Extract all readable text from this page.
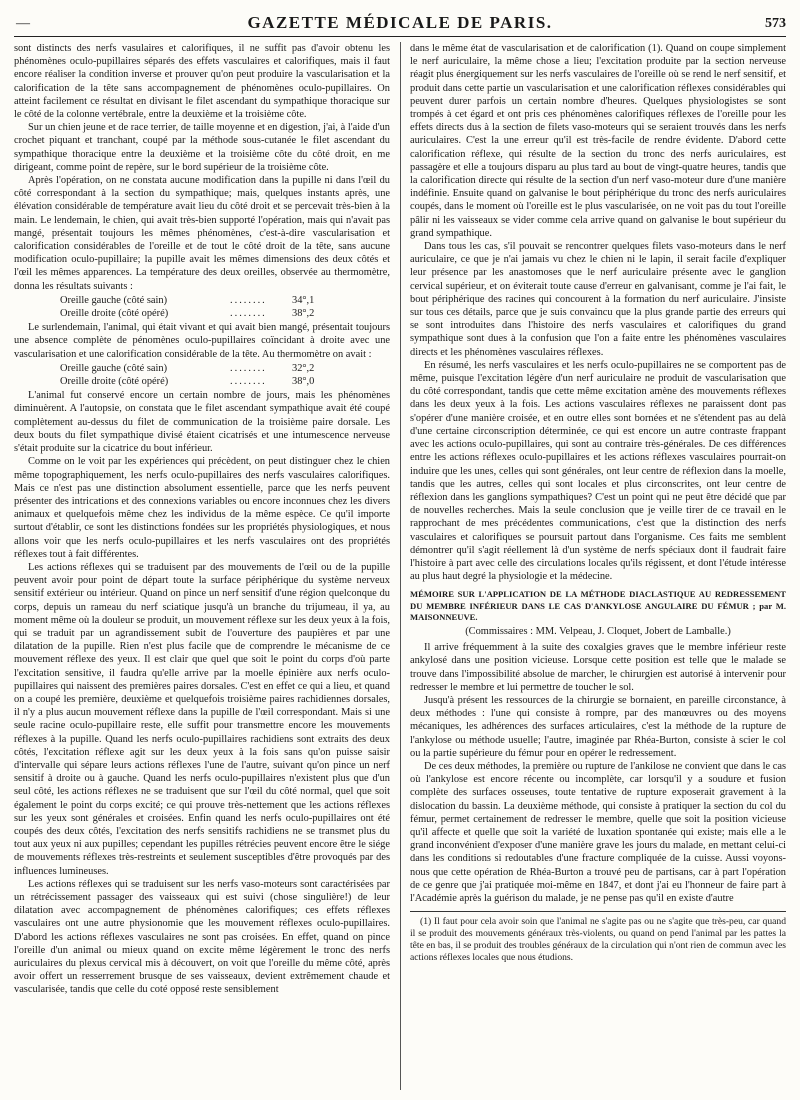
—	GAZETTE MÉDICALE DE PARIS.	573

sont distincts des nerfs vasulaires et calorifiques, il ne suffit pas d'avoir obtenu les phénomènes oculo-pupillaires séparés des effets vasculaires et calorifiques, mais il faut encore réaliser la condition inverse et prouver qu'on peut produire la vascularisation et la calorification de la tête sans accompagnement de phénomènes oculo-pupillaires. On atteint facilement ce résultat en divisant le filet ascendant du sympathique thoracique sur le côté de la colonne vertébrale, entre la deuxième et la troisième côte.

Sur un chien jeune et de race terrier, de taille moyenne et en digestion, j'ai, à l'aide d'un crochet piquant et tranchant, coupé par la méthode sous-cutanée le filet ascendant du sympathique thoracique entre la deuxième et la troisième côte du côté droit, en me dirigeant, comme point de repère, sur le bord supérieur de la troisième côte.

Après l'opération, on ne constata aucune modification dans la pupille ni dans l'œil du côté correspondant à la section du sympathique; mais, quelques instants après, une élévation considérable de température avait lieu du côté droit et se percevait très-bien à la main. Le lendemain, le chien, qui avait très-bien supporté l'opération, mais qui n'avait pas mangé, présentait toujours les mêmes phénomènes, c'est-à-dire vascularisation et calorification considérables de l'oreille et de tout le côté droit de la tête, sans aucune modification oculo-pupillaire; la pupille avait les mêmes dimensions des deux côtés et l'œil les mêmes apparences. La température des deux oreilles, observée au thermomètre, donna les résultats suivants :

Oreille gauche (côté sain)	........	34°,1
Oreille droite (côté opéré)	........	38°,2

Le surlendemain, l'animal, qui était vivant et qui avait bien mangé, présentait toujours une absence complète de pénomènes oculo-pupillaires coïncidant à droite avec une vascularisation et une calorification considérable de la tête. Au thermomètre on avait :

Oreille gauche (côté sain)	........	32°,2
Oreille droite (côté opéré)	........	38°,0

L'animal fut conservé encore un certain nombre de jours, mais les phénomènes diminuèrent. A l'autopsie, on constata que le filet ascendant sympathique avait été coupé complètement au-dessus du filet de communication de la troisième paire dorsale. Les deux bouts du filet sympathique divisé étaient cicatrisés et une intumescence nerveuse s'était produite sur la cicatrice du bout inférieur.

Comme on le voit par les expériences qui précèdent, on peut distinguer chez le chien même topographiquement, les nerfs oculo-pupillaires des nerfs vasculaires calorifiques. Mais ce n'est pas une distinction absolument essentielle, parce que les nerfs peuvent présenter des intrications et des connexions variables ou encore inconnues chez les divers animaux et quelquefois même chez les individus de la même espèce. Ce qu'il importe surtout d'établir, ce sont les distinctions fondées sur les propriétés physiologiques, et nous allons voir que les nerfs oculo-pupillaires et les nerfs vasculaires ont des propriétés réflexes tout à fait différentes.

Les actions réflexes qui se traduisent par des mouvements de l'œil ou de la pupille peuvent avoir pour point de départ toute la surface périphérique du système nerveux sensitif extérieur ou intérieur. Quand on pince un nerf sensitif d'une région quelconque du corps, depuis un rameau du nerf sciatique jusqu'à un branche du trijumeau, il ya, au moment même où la douleur se produit, un mouvement réflexe sur les deux yeux à la fois, qui se traduit par un agrandissement subit de l'ouverture des paupières et par une dilatation de la pupille. Rien n'est plus facile que de comprendre le mécanisme de ce mouvement réflexe des yeux. Il est clair que quel que soit le point du corps d'où parte l'excitation sensitive, il faudra qu'elle arrive par la moelle épinière aux nerfs oculo-pupillaires qui naissent des premières paires dorsales. C'est en effet ce qui a lieu, et quand on a coupé les première, deuxième et quelquefois troisième paires rachidiennes dorsales, il n'y a plus aucun mouvement réflexe dans la pupille de l'œil correspondant. Mais si une seule racine oculo-pupillaire reste, elle suffit pour transmettre encore les mouvements réflexes à la pupille. Quand les nerfs oculo-pupillaires rachidiens sont extraits des deux côtés, l'excitation réflexe agit sur les deux yeux à la fois sans qu'on puisse saisir d'intervalle qui sépare leurs actions réflexes l'une de l'autre, suivant qu'on pince un nerf sensitif à droite ou à gauche. Quand les nerfs oculo-pupillaires n'existent plus que d'un seul côté, les actions réflexes ne se traduisent que sur l'œil du côté normal, quel que soit également le point du corps excité; ce qui prouve très-nettement que les actions réflexes sur les yeux sont générales et croisées. Enfin quand les nerfs oculo-pupillaires ont été coupés des deux côtés, l'excitation des nerfs sensitifs rachidiens ne se transmet plus du tout aux yeux ni aux pupilles; cependant les pupilles rétrécies peuvent encore être le siége de mouvements réflexes très-restreints et seulement susceptibles d'être provoqués par des influences lumineuses.

Les actions réflexes qui se traduisent sur les nerfs vaso-moteurs sont caractérisées par un rétrécissement passager des vaisseaux qui est suivi (chose singulière!) de leur dilatation avec accompagnement de phénomènes calorifiques; ces effets réflexes vasculaires ont une autre physionomie que les mouvement réflexes oculo-pupillaires. D'abord les actions réflexes vasculaires ne sont pas croisées. En effet, quand on pince l'oreille d'un animal ou mieux quand on excite même légèrement le tronc des nerfs auriculaires du plexus cervical mis à découvert, on voit que l'oreille du même côté, après avoir offert un resserrement brusque de ses vaisseaux, devient extrêmement chaude et vascularisée, tandis que celle du coté opposé reste sensiblement

dans le même état de vascularisation et de calorification (1). Quand on coupe simplement le nerf auriculaire, la même chose a lieu; l'excitation produite par la section nerveuse réagit plus énergiquement sur les nerfs vasculaires de l'oreille où se rend le nerf sensitif, et produit dans cette partie un vascularisation et une calorification réflexes considérables qui peuvent durer parfois un certain nombre d'heures. Quelques physiologistes se sont trompés à cet égard et ont pris ces phénomènes calorifiques réflexes de l'oreille pour les effets directs dus à la section de filets vaso-moteurs qui se seraient trouvés dans les nerfs auriculaires. C'est la une erreur qu'il est très-facile de rendre évidente. D'abord cette calorification réflexe, qui résulte de la section du tronc des nerfs auriculaires, est passagère et elle a toujours disparu au plus tard au bout de vingt-quatre heures, tandis que la calorification directe qui résulte de la section d'un nerf vaso-moteur dure d'une manière indéfinie. Ensuite quand on galvanise le bout périphérique du tronc des nerfs auriculaires coupés, dans le moment où l'oreille est le plus vascularisée, on ne voit pas du tout l'oreille pâlir ni les vaisseaux se vider comme cela arrive quand on galvanise le bout supérieur du grand sympathique.

Dans tous les cas, s'il pouvait se rencontrer quelques filets vaso-moteurs dans le nerf auriculaire, ce que je n'ai jamais vu chez le chien ni le lapin, il serait facile d'expliquer leur présence par les anastomoses que le nerf auriculaire présente avec le ganglion cervical supérieur, et on éviterait toute cause d'erreur en galvanisant, comme je l'ai fait, le bout périphérique des racines qui concourent à la formation du nerf auriculaire. J'insiste sur tous ces détails, parce que je suis convaincu que la plus grande partie des erreurs qui se sont introduites dans l'histoire des nerfs vasculaires et calorifiques du grand sympathique sont dues à la confusion que l'on a faite entre les phénomènes vasculaires directs et les phénomènes vasculaires réflexes.

En résumé, les nerfs vasculaires et les nerfs oculo-pupillaires ne se comportent pas de même, puisque l'excitation légère d'un nerf auriculaire ne produit de vascularisation que du côté correspondant, tandis que cette même excitation amène des mouvements réflexes dans les deux yeux à la fois. Les actions vasculaires réflexes ne paraissent dont pas s'opérer d'une manière croisée, et en outre elles sont bornées et ne s'étendent pas au delà d'une certaine circonscription déterminée, ce qui est encore un autre contraste frappant avec les actions oculo-pupillaires, qui sont au contraire très-générales. De ces différences entre les actions réflexes oculo-pupillaires et les actions réflexes vasculaires pourrait-on induire que les unes, celles qui sont générales, ont leur centre de réflexion dans la moelle, tandis que les autres, celles qui sont locales et plus circonscrites, ont leur centre de réflexion dans les ganglions sympathiques? C'est un point qui ne peut être décidé que par de nouvelles recherches. Mais la seule conclusion que je veille tirer de ce travail en le rapprochant de mes précédentes communications, c'est que la distinction des nerfs vasculaires et calorifiques se poursuit partout dans l'organisme. Ces faits me semblent démontrer qu'il s'agit réellement là d'un système de nerfs spéciaux dont il faudrait faire l'histoire à part avec celle des circulations locales qu'ils régissent, et dont l'étude intéresse au plus haut degré la physiologie et la médecine.

MÉMOIRE SUR L'APPLICATION DE LA MÉTHODE DIACLASTIQUE AU REDRESSEMENT DU MEMBRE INFÉRIEUR DANS LE CAS D'ANKYLOSE ANGULAIRE DU FÉMUR ; par M. MAISONNEUVE.
(Commissaires : MM. Velpeau, J. Cloquet, Jobert de Lamballe.)

Il arrive fréquemment à la suite des coxalgies graves que le membre inférieur reste ankylosé dans une position vicieuse. Lorsque cette position est telle que le malade se trouve dans l'impossibilité absolue de marcher, le chirurgien est autorisé à intervenir pour redresser le membre et lui permettre de toucher le sol.

Jusqu'à présent les ressources de la chirurgie se bornaient, en pareille circonstance, à deux méthodes : l'une qui consiste à rompre, par des manœuvres ou des moyens mécaniques, les adhérences des surfaces articulaires, c'est la méthode de la rupture de l'ankylose ou méthode usuelle; l'autre, imaginée par Rhéa-Burton, consiste à scier le col ou la partie supérieure du fémur pour en opérer le redressement.

De ces deux méthodes, la première ou rupture de l'ankilose ne convient que dans le cas où l'ankylose est encore récente ou incomplète, car lorsqu'il y a soudure et fusion complète des surfaces osseuses, toute tentative de rupture exposerait gravement à la dislocation du bassin. La deuxième méthode, qui consiste à pratiquer la section du col du fémur, permet certainement de redresser le membre, quelle que soit la position vicieuse qu'il affecte et quelle que soit la variété de luxation spontanée qui existe; mais elle a le grand inconvénient d'exposer d'une manière grave les jours du malade, en mettant celui-ci dans les conditions si redoutables d'une fracture compliquée de la cuisse. Aussi voyons-nous que cette opération de Rhéa-Burton a trouvé peu de partisans, car à part l'opération de ce genre que j'ai pratiquée moi-même en 1847, et dont j'ai eu l'honneur de faire part à l'Académie après la guérison du malade, je ne pense pas qu'il en existe d'autre

(1) Il faut pour cela avoir soin que l'animal ne s'agite pas ou ne s'agite que très-peu, car quand il se produit des mouvements généraux très-violents, ou quand on pend l'animal par les pattes la tête en bas, il se produit des troubles généraux de la circulation qui n'ont rien de commun avec les actions réflexes locales que nous étudions.
